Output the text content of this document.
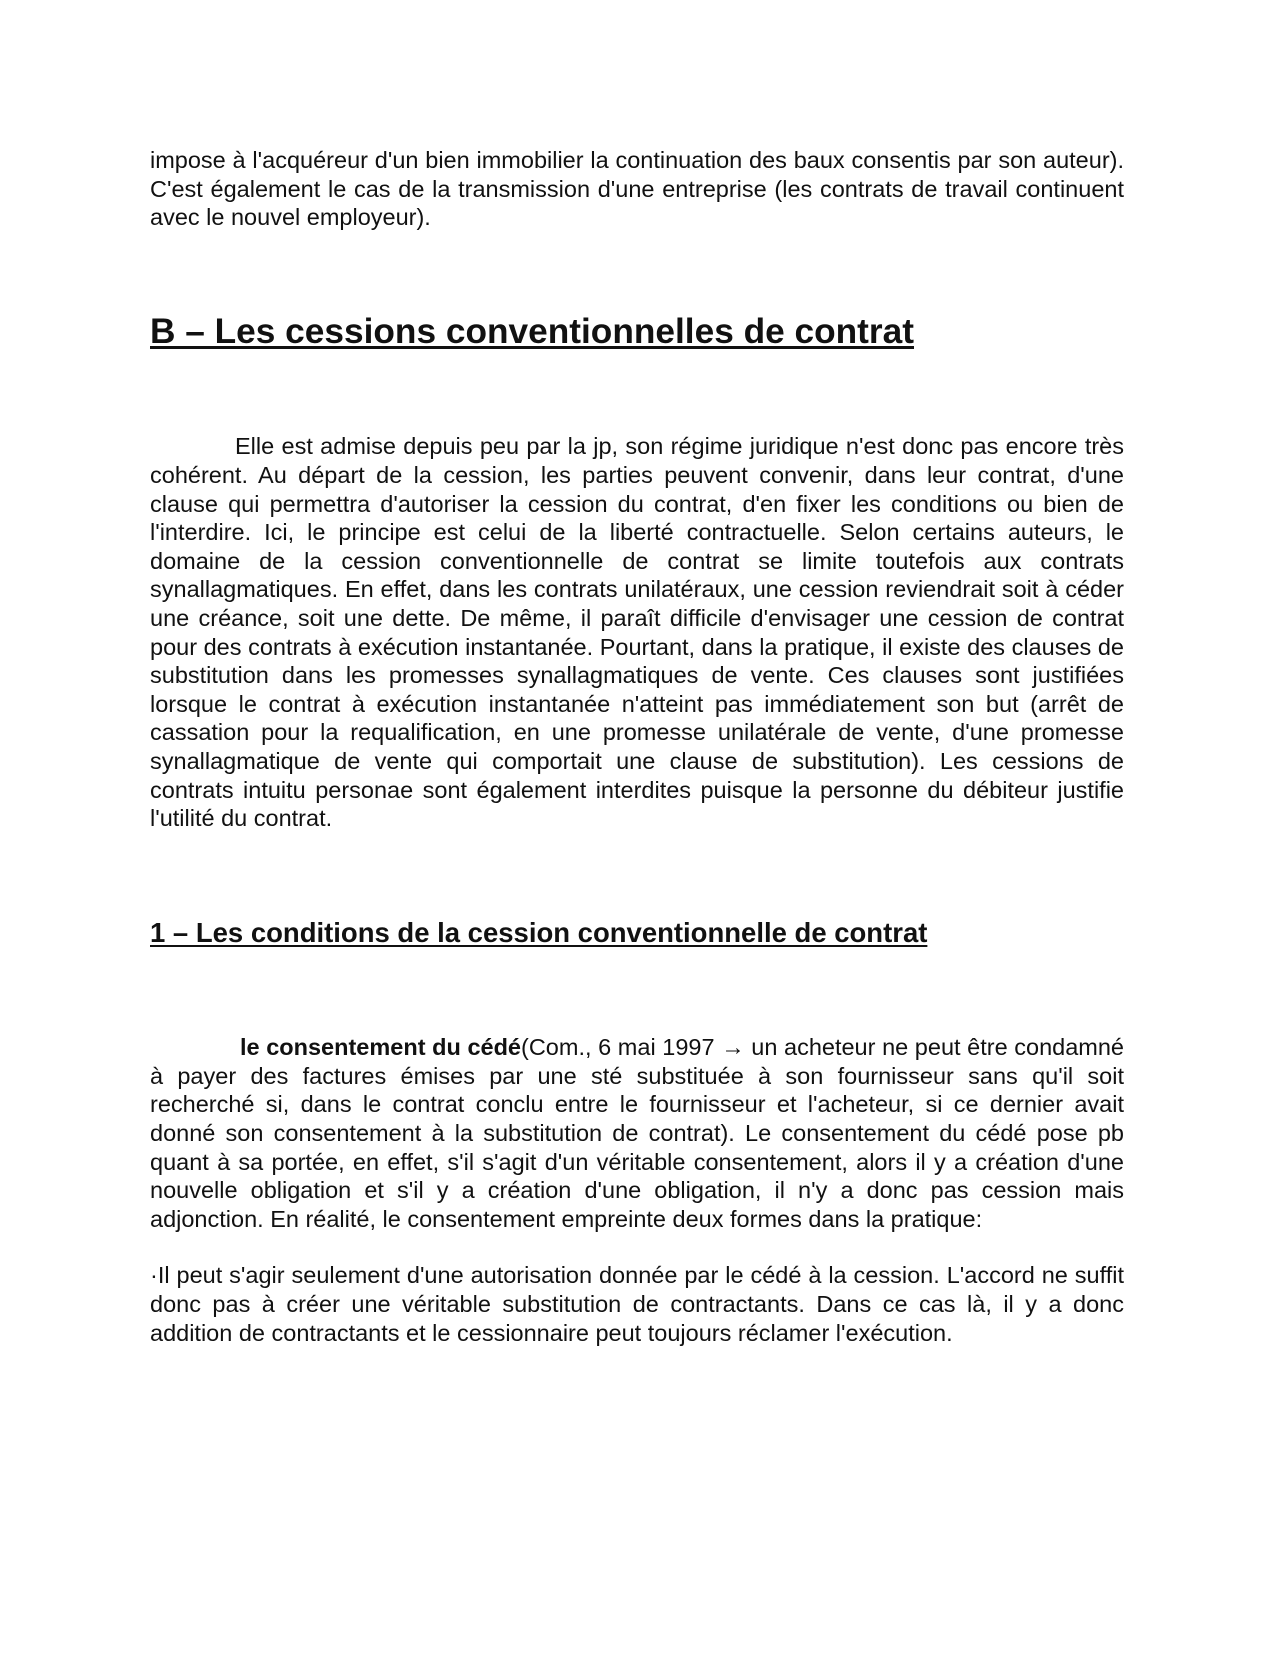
impose à l'acquéreur d'un bien immobilier la continuation des baux consentis par son auteur). C'est également le cas de la transmission d'une entreprise (les contrats de travail continuent avec le nouvel employeur).

B – Les cessions conventionnelles de contrat

Elle est admise depuis peu par la jp, son régime juridique n'est donc pas encore très cohérent. Au départ de la cession, les parties peuvent convenir, dans leur contrat, d'une clause qui permettra d'autoriser la cession du contrat, d'en fixer les conditions ou bien de l'interdire. Ici, le principe est celui de la liberté contractuelle. Selon certains auteurs, le domaine de la cession conventionnelle de contrat se limite toutefois aux contrats synallagmatiques. En effet, dans les contrats unilatéraux, une cession reviendrait soit à céder une créance, soit une dette. De même, il paraît difficile d'envisager une cession de contrat pour des contrats à exécution instantanée. Pourtant, dans la pratique, il existe des clauses de substitution dans les promesses synallagmatiques de vente. Ces clauses sont justifiées lorsque le contrat à exécution instantanée n'atteint pas immédiatement son but (arrêt de cassation pour la requalification, en une promesse unilatérale de vente, d'une promesse synallagmatique de vente qui comportait une clause de substitution). Les cessions de contrats intuitu personae sont également interdites puisque la personne du débiteur justifie l'utilité du contrat.

1 – Les conditions de la cession conventionnelle de contrat

le consentement du cédé(Com., 6 mai 1997 → un acheteur ne peut être condamné à payer des factures émises par une sté substituée à son fournisseur sans qu'il soit recherché si, dans le contrat conclu entre le fournisseur et l'acheteur, si ce dernier avait donné son consentement à la substitution de contrat). Le consentement du cédé pose pb quant à sa portée, en effet, s'il s'agit d'un véritable consentement, alors il y a création d'une nouvelle obligation et s'il y a création d'une obligation, il n'y a donc pas cession mais adjonction. En réalité, le consentement empreinte deux formes dans la pratique:

·Il peut s'agir seulement d'une autorisation donnée par le cédé à la cession. L'accord ne suffit donc pas à créer une véritable substitution de contractants. Dans ce cas là, il y a donc addition de contractants et le cessionnaire peut toujours réclamer l'exécution.
